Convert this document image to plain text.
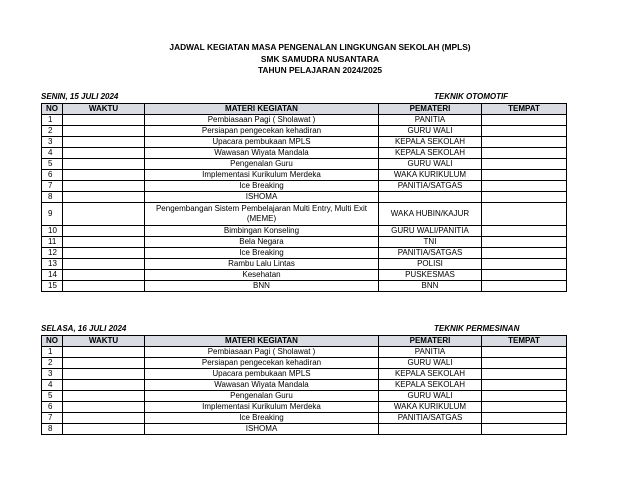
JADWAL KEGIATAN MASA PENGENALAN LINGKUNGAN SEKOLAH (MPLS)
SMK SAMUDRA NUSANTARA
TAHUN PELAJARAN 2024/2025
SENIN, 15 JULI 2024	TEKNIK OTOMOTIF
NO	WAKTU	MATERI KEGIATAN	PEMATERI	TEMPAT
1		Pembiasaan Pagi ( Sholawat )	PANITIA	
2		Persiapan pengecekan kehadiran	GURU WALI	
3		Upacara pembukaan MPLS	KEPALA SEKOLAH	
4		Wawasan Wiyata Mandala	KEPALA SEKOLAH	
5		Pengenalan Guru	GURU WALI	
6		Implementasi Kurikulum Merdeka	WAKA KURIKULUM	
7		Ice Breaking	PANITIA/SATGAS	
8		ISHOMA		
9		Pengembangan Sistem Pembelajaran Multi Entry, Multi Exit (MEME)	WAKA HUBIN/KAJUR	
10		Bimbingan Konseling	GURU WALI/PANITIA	
11		Bela Negara	TNI	
12		Ice Breaking	PANITIA/SATGAS	
13		Rambu Lalu Lintas	POLISI	
14		Kesehatan	PUSKESMAS	
15		BNN	BNN	
SELASA, 16 JULI 2024	TEKNIK PERMESINAN
NO	WAKTU	MATERI KEGIATAN	PEMATERI	TEMPAT
1		Pembiasaan Pagi ( Sholawat )	PANITIA	
2		Persiapan pengecekan kehadiran	GURU WALI	
3		Upacara pembukaan MPLS	KEPALA SEKOLAH	
4		Wawasan Wiyata Mandala	KEPALA SEKOLAH	
5		Pengenalan Guru	GURU WALI	
6		Implementasi Kurikulum Merdeka	WAKA KURIKULUM	
7		Ice Breaking	PANITIA/SATGAS	
8		ISHOMA		
